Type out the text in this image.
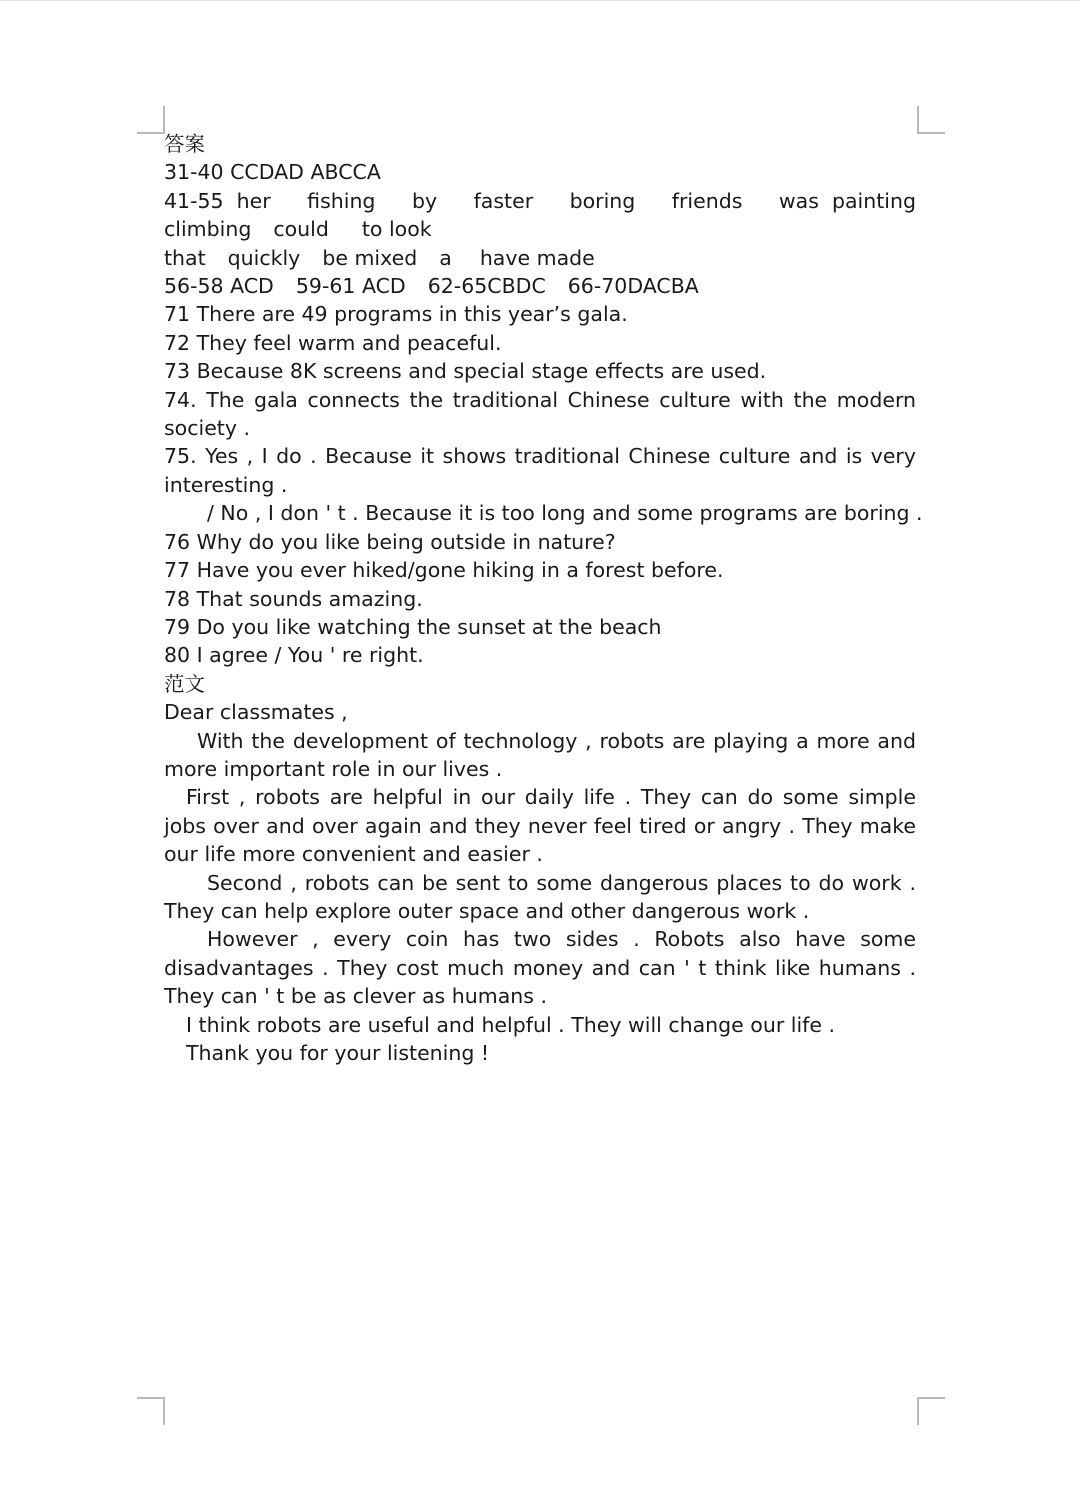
答案
31-40 CCDAD ABCCA
41-55 her fishing by faster boring friends was painting
climbing could to look
that quickly be mixed a have made
56-58 ACD 59-61 ACD 62-65CBDC 66-70DACBA
71 There are 49 programs in this year’s gala.
72 They feel warm and peaceful.
73 Because 8K screens and special stage effects are used.
74. The gala connects the traditional Chinese culture with the modern society .
75. Yes , I do . Because it shows traditional Chinese culture and is very interesting .
/ No , I don ' t . Because it is too long and some programs are boring .
76 Why do you like being outside in nature?
77 Have you ever hiked/gone hiking in a forest before.
78 That sounds amazing.
79 Do you like watching the sunset at the beach
80 I agree / You ' re right.
范文
Dear classmates ,
With the development of technology , robots are playing a more and more important role in our lives .
First , robots are helpful in our daily life . They can do some simple jobs over and over again and they never feel tired or angry . They make our life more convenient and easier .
Second , robots can be sent to some dangerous places to do work . They can help explore outer space and other dangerous work .
However , every coin has two sides . Robots also have some disadvantages . They cost much money and can ' t think like humans . They can ' t be as clever as humans .
I think robots are useful and helpful . They will change our life .
Thank you for your listening !
